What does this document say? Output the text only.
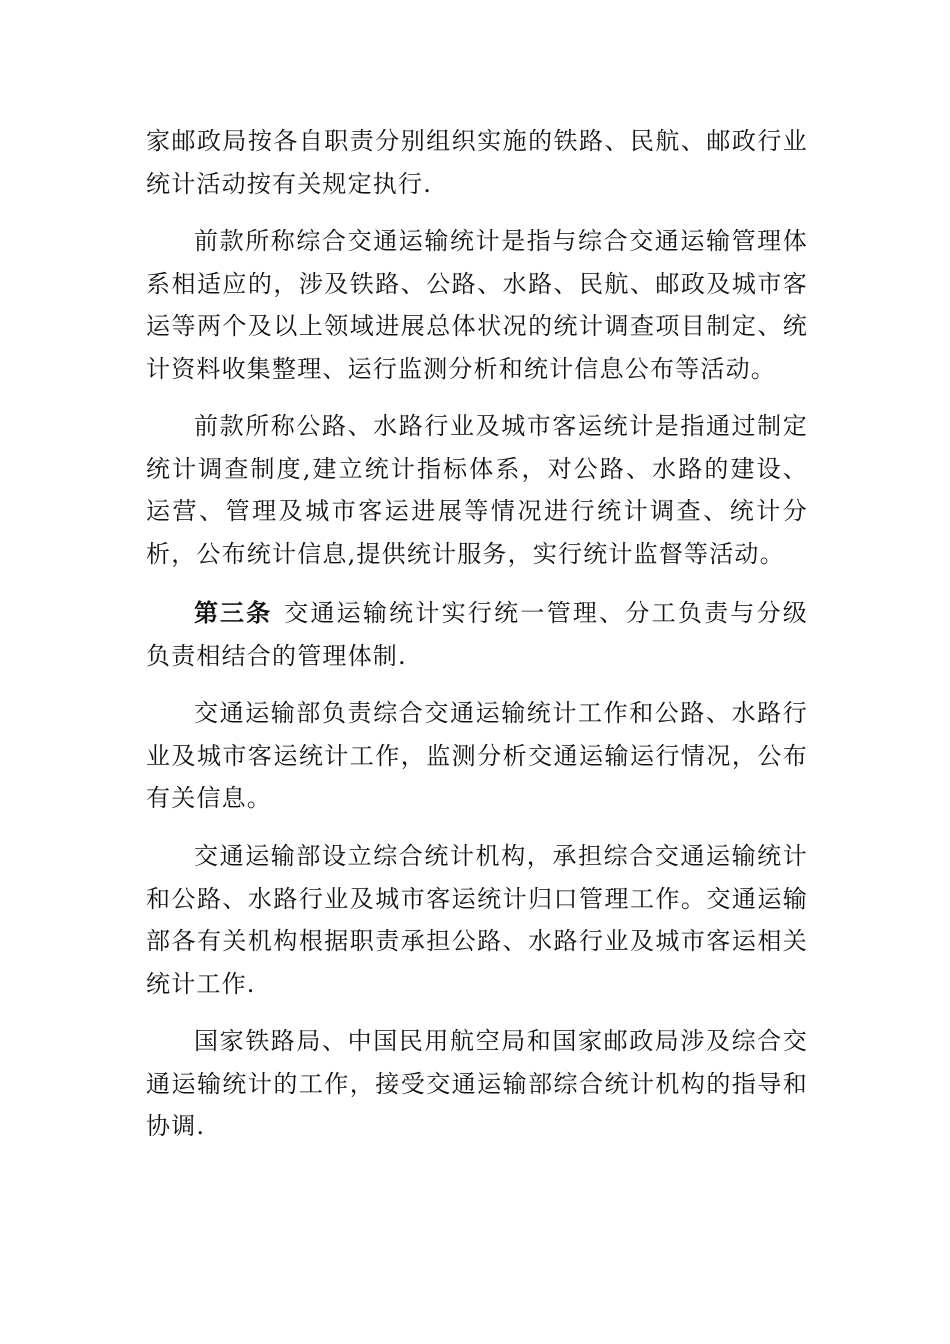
家邮政局按各自职责分别组织实施的铁路、民航、邮政行业统计活动按有关规定执行.

前款所称综合交通运输统计是指与综合交通运输管理体系相适应的，涉及铁路、公路、水路、民航、邮政及城市客运等两个及以上领域进展总体状况的统计调查项目制定、统计资料收集整理、运行监测分析和统计信息公布等活动。

前款所称公路、水路行业及城市客运统计是指通过制定统计调查制度,建立统计指标体系，对公路、水路的建设、运营、管理及城市客运进展等情况进行统计调查、统计分析，公布统计信息,提供统计服务，实行统计监督等活动。

第三条 交通运输统计实行统一管理、分工负责与分级负责相结合的管理体制.

交通运输部负责综合交通运输统计工作和公路、水路行业及城市客运统计工作，监测分析交通运输运行情况，公布有关信息。

交通运输部设立综合统计机构，承担综合交通运输统计和公路、水路行业及城市客运统计归口管理工作。交通运输部各有关机构根据职责承担公路、水路行业及城市客运相关统计工作.

国家铁路局、中国民用航空局和国家邮政局涉及综合交通运输统计的工作，接受交通运输部综合统计机构的指导和协调.
